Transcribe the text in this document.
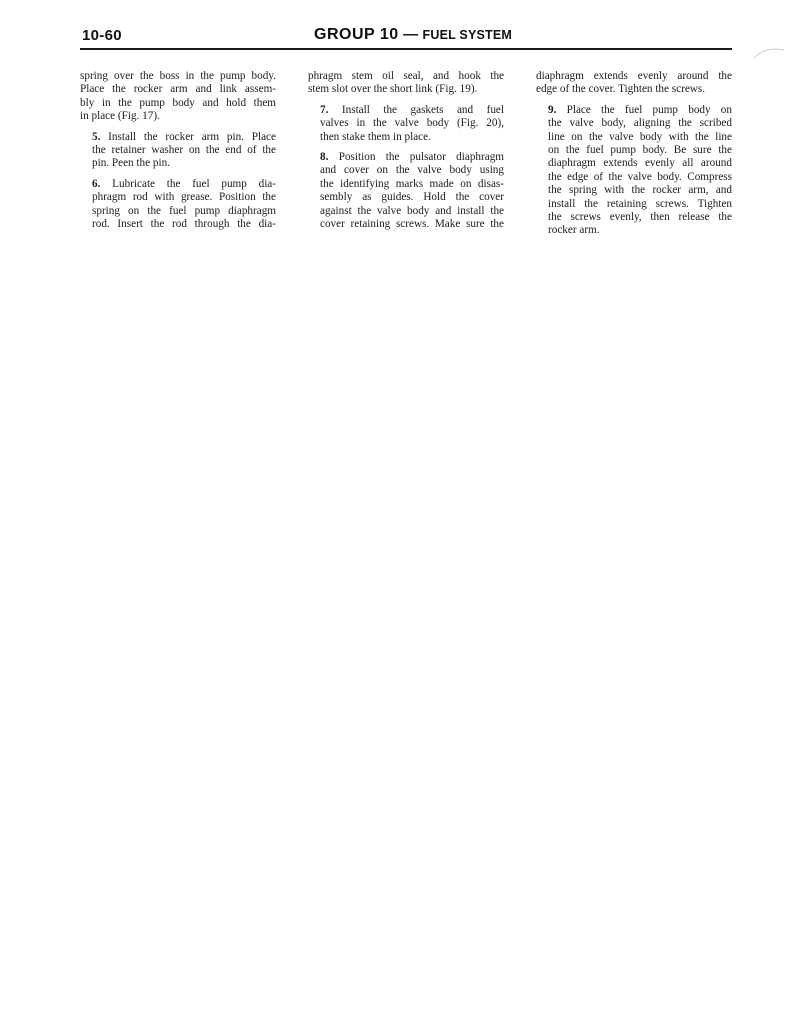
10-60	GROUP 10 — FUEL SYSTEM

spring over the boss in the pump body.
Place the rocker arm and link assem-
bly in the pump body and hold them
in place (Fig. 17).

5. Install the rocker arm pin. Place
the retainer washer on the end of the
pin. Peen the pin.

6. Lubricate the fuel pump dia-
phragm rod with grease. Position the
spring on the fuel pump diaphragm
rod. Insert the rod through the dia-

phragm stem oil seal, and hook the
stem slot over the short link (Fig. 19).

7. Install the gaskets and fuel
valves in the valve body (Fig. 20),
then stake them in place.

8. Position the pulsator diaphragm
and cover on the valve body using
the identifying marks made on disas-
sembly as guides. Hold the cover
against the valve body and install the
cover retaining screws. Make sure the

diaphragm extends evenly around the
edge of the cover. Tighten the screws.

9. Place the fuel pump body on
the valve body, aligning the scribed
line on the valve body with the line
on the fuel pump body. Be sure the
diaphragm extends evenly all around
the edge of the valve body. Compress
the spring with the rocker arm, and
install the retaining screws. Tighten
the screws evenly, then release the
rocker arm.
